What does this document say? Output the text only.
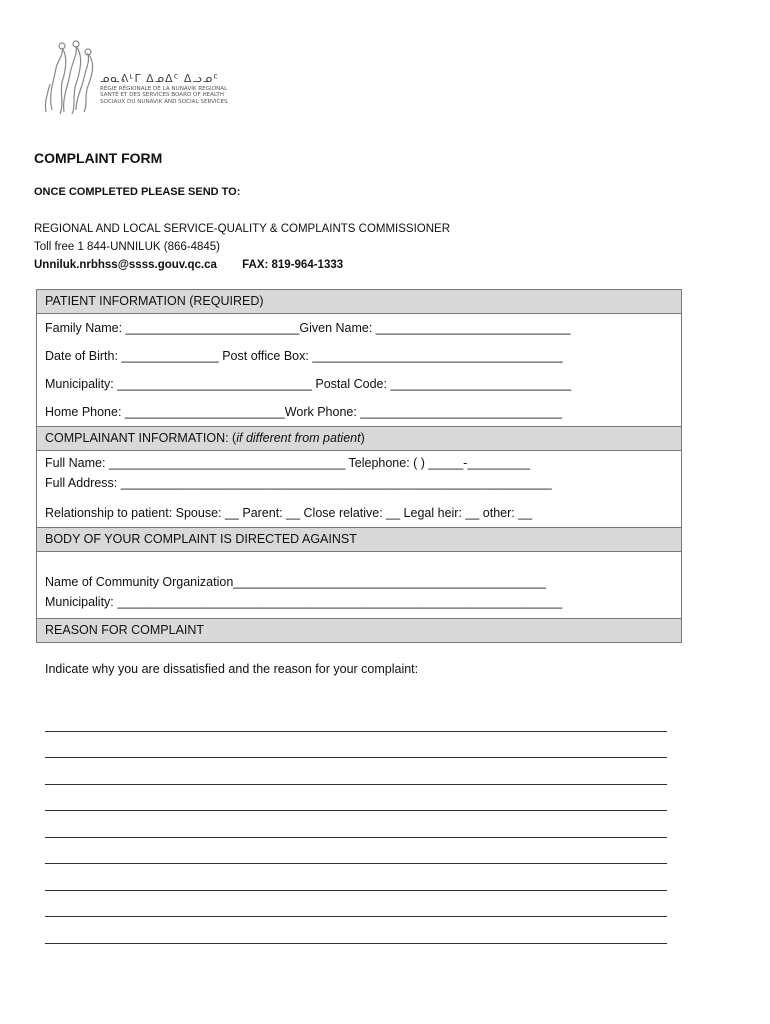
ᓄᓇᕕᒻᒥ ᐃᓄᐃᑦ ᐃᓗᓄᑦ
RÉGIE RÉGIONALE DE LA NUNAVIK REGIONAL
SANTÉ ET DES SERVICES BOARD OF HEALTH
SOCIAUX DU NUNAVIK AND SOCIAL SERVICES
COMPLAINT FORM
ONCE COMPLETED PLEASE SEND TO:
REGIONAL AND LOCAL SERVICE-QUALITY & COMPLAINTS COMMISSIONER
Toll free 1 844-UNNILUK (866-4845)
Unniluk.nrbhss@ssss.gouv.qc.ca FAX: 819-964-1333
PATIENT INFORMATION (REQUIRED)
Family Name: _________________________Given Name: ____________________________
Date of Birth: ______________ Post office Box: ____________________________________
Municipality: ____________________________ Postal Code: __________________________
Home Phone: _______________________Work Phone: _____________________________
COMPLAINANT INFORMATION: (if different from patient)
Full Name: __________________________________ Telephone: ( ) _____-_________
Full Address: ______________________________________________________________
Relationship to patient: Spouse: __ Parent: __ Close relative: __ Legal heir: __ other: __
BODY OF YOUR COMPLAINT IS DIRECTED AGAINST
Name of Community Organization_____________________________________________
Municipality: ________________________________________________________________
REASON FOR COMPLAINT
Indicate why you are dissatisfied and the reason for your complaint:
